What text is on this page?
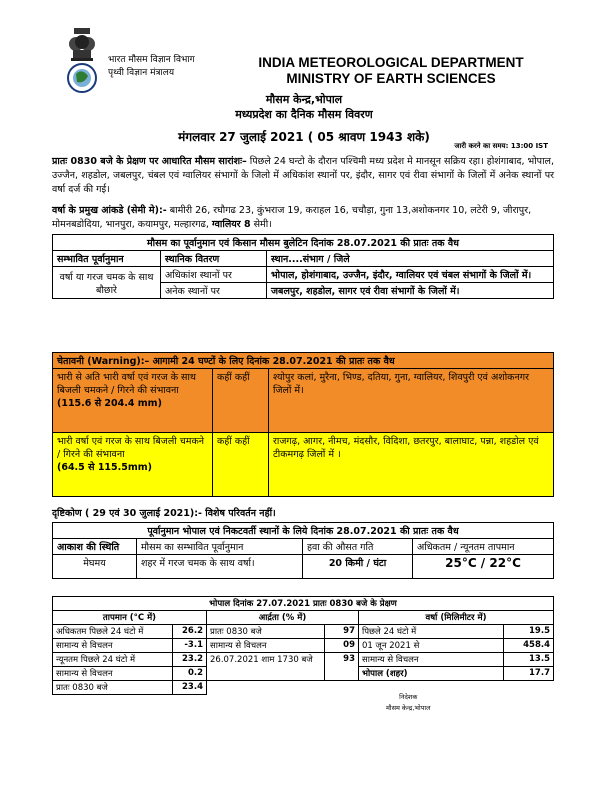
भारत मौसम विज्ञान विभाग
पृथ्वी विज्ञान मंत्रालय
INDIA METEOROLOGICAL DEPARTMENT
MINISTRY OF EARTH SCIENCES
मौसम केन्द्र,भोपाल
मध्यप्रदेश का दैनिक मौसम विवरण
मंगलवार 27 जुलाई 2021 ( 05 श्रावण 1943 शके)
जारी करने का समय: 13:00 IST
प्रातः 0830 बजे के प्रेक्षण पर आधारित मौसम सारांशः– पिछले 24 घन्टो के दौरान पश्चिमी मध्य प्रदेश मे मानसून सक्रिय रहा। होशंगाबाद, भोपाल, उज्जैन, शहडोल, जबलपुर, चंबल एवं ग्वालियर संभागों के जिलो में अधिकांश स्थानों पर, इंदौर, सागर एवं रीवा संभागों के जिलों में अनेक स्थानों पर वर्षा दर्ज की गई।
वर्षा के प्रमुख आंकडे (सेमी मे):- बामीरी 26, रघौगढ 23, कुंभराज 19, कराहल 16, चचौड़ा, गुना 13,अशोकनगर 10, लटेरी 9, जीरापुर, मोमनबडोदिया, भानपुरा, कयामपुर, मल्हारगढ, ग्वालियर 8 सेमी।
मौसम का पूर्वानुमान एवं किसान मौसम बुलेटिन दिनांक 28.07.2021 की प्रातः तक वैध		
सम्भावित पूर्वानुमान	स्थानिक वितरण	स्थान....संभाग / जिले
वर्षा या गरज चमक के साथ बौछारे	अधिकांश स्थानों पर	भोपाल, होशंगाबाद, उज्जैन, इंदौर, ग्वालियर एवं चंबल संभागों के जिलों में।
	अनेक स्थानों पर	जबलपुर, शहडोल, सागर एवं रीवा संभागों के जिलों में।
चेतावनी (Warning):– आगामी 24 घण्टों के लिए दिनांक 28.07.2021 की प्रातः तक वैध		
भारी से अति भारी वर्षा एवं गरज के साथ बिजली चमकने / गिरने की संभावना
(115.6 से 204.4 mm)	कहीं कहीं	श्योपुर कलां, मुरैना, भिण्ड, दतिया, गुना, ग्वालियर, शिवपुरी एवं अशोकनगर जिलों में।
भारी वर्षा एवं गरज के साथ बिजली चमकने / गिरने की संभावना
(64.5 से 115.5mm)	कहीं कहीं	राजगढ़, आगर, नीमच, मंदसौर, विदिशा, छतरपुर, बालाघाट, पन्ना, शहडोल एवं टीकमगढ़ जिलों में ।
दृष्टिकोण ( 29 एवं 30 जुलाई 2021):- विशेष परिवर्तन नहीं।
पूर्वानुमान भोपाल एवं निकटवर्ती स्थानों के लिये दिनांक 28.07.2021 की प्रातः तक वैध			
आकाश की स्थिति	मौसम का सम्भावित पूर्वानुमान	हवा की औसत गति	अधिकतम / न्यूनतम तापमान
मेघमय	शहर में गरज चमक के साथ वर्षा।	20 किमी / घंटा	25°C / 22°C
भोपाल दिनांक 27.07.2021 प्रातः 0830 बजे के प्रेक्षण					
तापमान (°C में)		आर्द्रता (% में)		वर्षा (मिलिमीटर में)	
अधिकतम पिछले 24 घंटो में	26.2	प्रातः 0830 बजे	97	पिछले 24 घंटो में	19.5
सामान्य से विचलन	-3.1	सामान्य से विचलन	09	01 जून 2021 से	458.4
न्यूनतम पिछले 24 घंटो में	23.2	26.07.2021 शाम 1730 बजे	93	सामान्य से विचलन	13.5
सामान्य से विचलन	0.2			भोपाल (शहर)	17.7
प्रातः 0830 बजे	23.4				
निदेशक
मौसम केन्द्र,भोपाल
